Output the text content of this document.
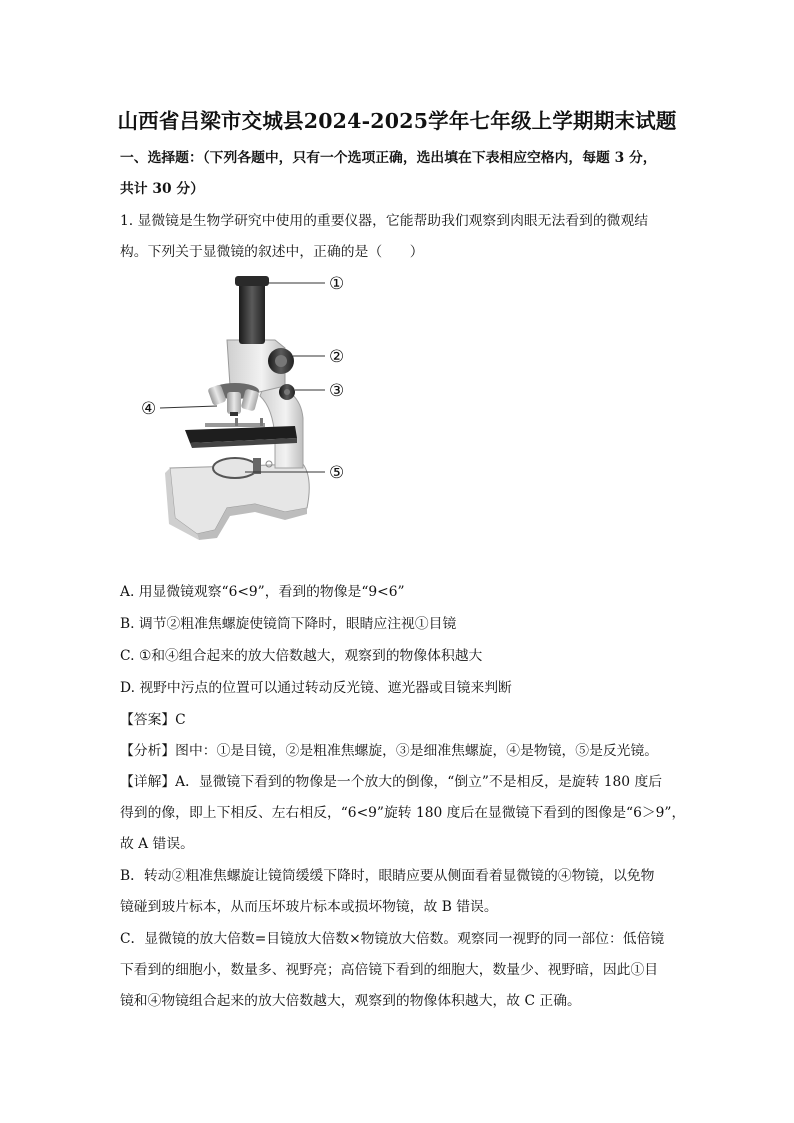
山西省吕梁市交城县2024-2025学年七年级上学期期末试题
一、选择题：（下列各题中，只有一个选项正确，选出填在下表相应空格内，每题 3 分，
共计 30 分）
1. 显微镜是生物学研究中使用的重要仪器，它能帮助我们观察到肉眼无法看到的微观结
构。下列关于显微镜的叙述中，正确的是（　　）
①
②
③
④
⑤
A. 用显微镜观察“6<9”，看到的物像是“9<6”
B. 调节②粗准焦螺旋使镜筒下降时，眼睛应注视①目镜
C. ①和④组合起来的放大倍数越大，观察到的物像体积越大
D. 视野中污点的位置可以通过转动反光镜、遮光器或目镜来判断
【答案】C
【分析】图中：①是目镜，②是粗准焦螺旋，③是细准焦螺旋，④是物镜，⑤是反光镜。
【详解】A．显微镜下看到的物像是一个放大的倒像，“倒立”不是相反，是旋转 180 度后
得到的像，即上下相反、左右相反，“6<9”旋转 180 度后在显微镜下看到的图像是“6＞9”，
故 A 错误。
B．转动②粗准焦螺旋让镜筒缓缓下降时，眼睛应要从侧面看着显微镜的④物镜，以免物
镜碰到玻片标本，从而压坏玻片标本或损坏物镜，故 B 错误。
C．显微镜的放大倍数=目镜放大倍数×物镜放大倍数。观察同一视野的同一部位：低倍镜
下看到的细胞小，数量多、视野亮；高倍镜下看到的细胞大，数量少、视野暗，因此①目
镜和④物镜组合起来的放大倍数越大，观察到的物像体积越大，故 C 正确。
